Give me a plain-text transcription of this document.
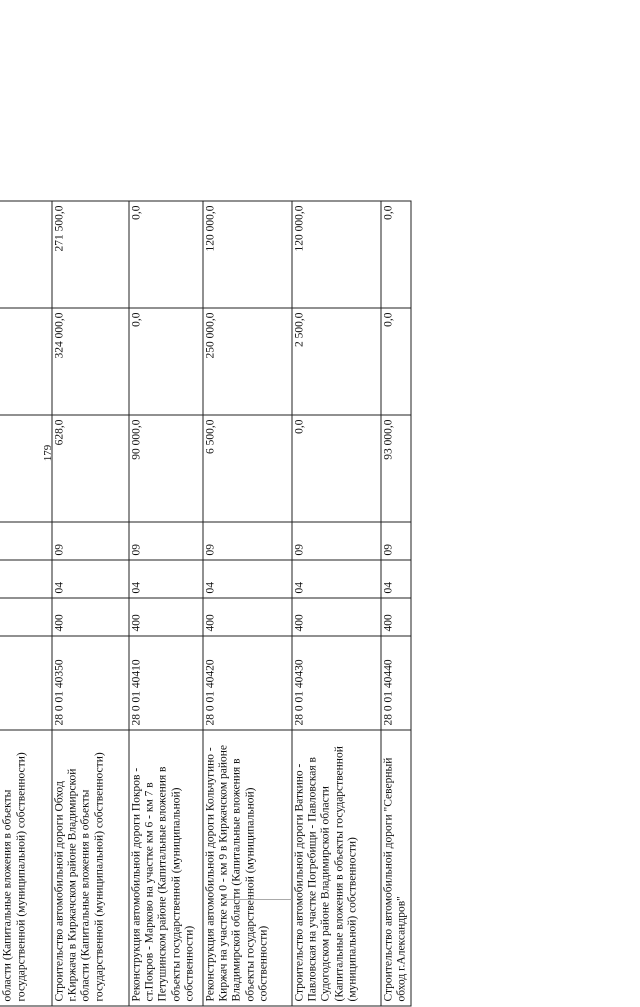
179

области (Капитальные вложения в объекты государственной (муниципальной) собственности)							
Строительство автомобильной дороги Обход г.Киржача в Киржачском районе Владимирской области (Капитальные вложения в объекты государственной (муниципальной) собственности)	28 0 01 40350	400	04	09	628,0	324 000,0	271 500,0
Реконструкция автомобильной дороги Покров - ст.Покров - Марково на участке км 6 - км 7 в Петушинском районе (Капитальные вложения в объекты государственной (муниципальной) собственности)	28 0 01 40410	400	04	09	90 000,0	0,0	0,0
Реконструкция автомобильной дороги Кольчугино - Киржач на участке км 0 - км 9 в Киржачском районе Владимирской области (Капитальные вложения в объекты государственной (муниципальной) собственности)	28 0 01 40420	400	04	09	6 500,0	250 000,0	120 000,0
Строительство автомобильной дороги Ваткино - Павловская на участке Погребищи - Павловская в Судогодском районе Владимирской области (Капитальные вложения в объекты государственной (муниципальной) собственности)	28 0 01 40430	400	04	09	0,0	2 500,0	120 000,0
Строительство автомобильной дороги "Северный обход г.Александров"	28 0 01 40440	400	04	09	93 000,0	0,0	0,0
